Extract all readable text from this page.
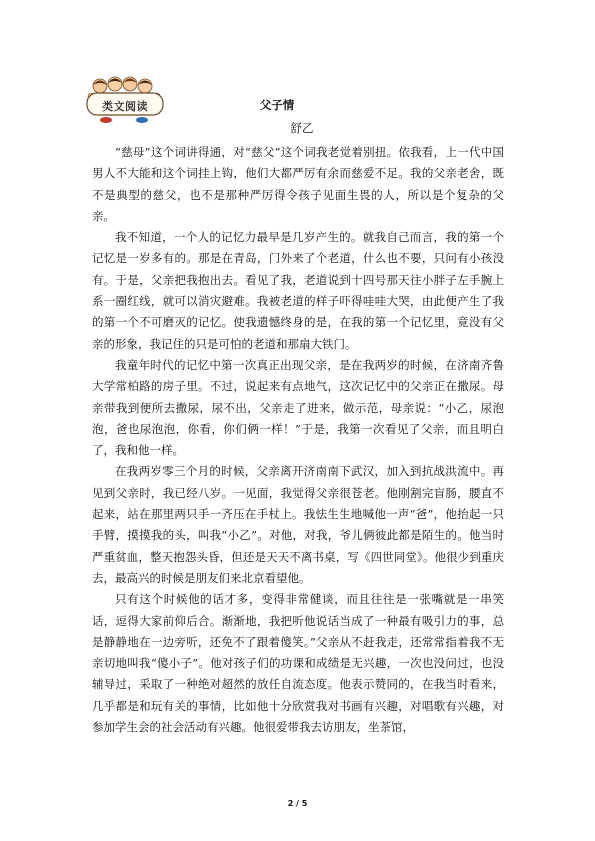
类文阅读	父子情
舒乙

“慈母”这个词讲得通，对“慈父”这个词我老觉着别扭。依我看，上一代中国男人不大能和这个词挂上钩，他们大都严厉有余而慈爱不足。我的父亲老舍，既不是典型的慈父，也不是那种严厉得令孩子见面生畏的人，所以是个复杂的父亲。

我不知道，一个人的记忆力最早是几岁产生的。就我自己而言，我的第一个记忆是一岁多有的。那是在青岛，门外来了个老道，什么也不要，只问有小孩没有。于是，父亲把我抱出去。看见了我，老道说到十四号那天往小胖子左手腕上系一圈红线，就可以消灾避难。我被老道的样子吓得哇哇大哭，由此便产生了我的第一个不可磨灭的记忆。使我遗憾终身的是，在我的第一个记忆里，竟没有父亲的形象，我记住的只是可怕的老道和那扇大铁门。

我童年时代的记忆中第一次真正出现父亲，是在我两岁的时候，在济南齐鲁大学常柏路的房子里。不过，说起来有点地气，这次记忆中的父亲正在撒尿。母亲带我到便所去撒尿，尿不出，父亲走了进来，做示范，母亲说：“小乙，尿泡泡，爸也尿泡泡，你看，你们俩一样！”于是，我第一次看见了父亲，而且明白了，我和他一样。

在我两岁零三个月的时候，父亲离开济南南下武汉，加入到抗战洪流中。再见到父亲时，我已经八岁。一见面，我觉得父亲很苍老。他刚割完盲肠，腰直不起来，站在那里两只手一齐压在手杖上。我怯生生地喊他一声“爸”，他抬起一只手臂，摸摸我的头，叫我“小乙”。对他，对我，爷儿俩彼此都是陌生的。他当时严重贫血，整天抱怨头昏，但还是天天不离书桌，写《四世同堂》。他很少到重庆去，最高兴的时候是朋友们来北京看望他。

只有这个时候他的话才多，变得非常健谈，而且往往是一张嘴就是一串笑话，逗得大家前仰后合。渐渐地，我把听他说话当成了一种最有吸引力的事，总是静静地在一边旁听，还免不了跟着傻笑。”父亲从不赶我走，还常常指着我不无亲切地叫我“傻小子”。他对孩子们的功课和成绩是无兴趣，一次也没问过，也没辅导过，采取了一种绝对超然的放任自流态度。他表示赞同的，在我当时看来，几乎都是和玩有关的事情，比如他十分欣赏我对书画有兴趣，对唱歌有兴趣，对参加学生会的社会活动有兴趣。他很爱带我去访朋友，坐茶馆，

2 / 5
